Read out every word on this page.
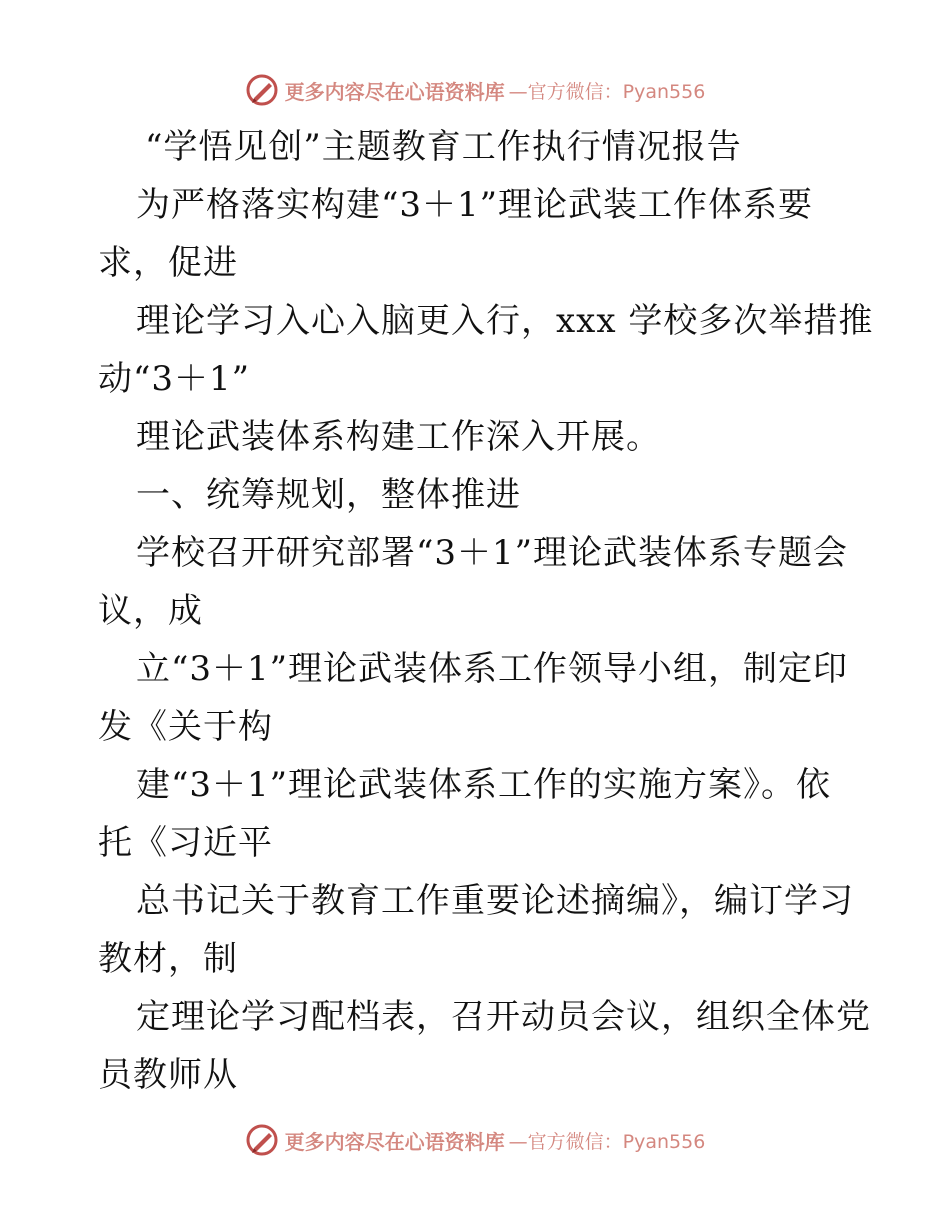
更多内容尽在心语资料库 —官方微信：Pyan556
“学悟见创”主题教育工作执行情况报告
为严格落实构建“3＋1”理论武装工作体系要
求，促进
理论学习入心入脑更入行，xxx 学校多次举措推
动“3＋1”
理论武装体系构建工作深入开展。
一、统筹规划，整体推进
学校召开研究部署“3＋1”理论武装体系专题会
议，成
立“3＋1”理论武装体系工作领导小组，制定印
发《关于构
建“3＋1”理论武装体系工作的实施方案》。依
托《习近平
总书记关于教育工作重要论述摘编》，编订学习
教材，制
定理论学习配档表，召开动员会议，组织全体党
员教师从
更多内容尽在心语资料库 —官方微信：Pyan556
